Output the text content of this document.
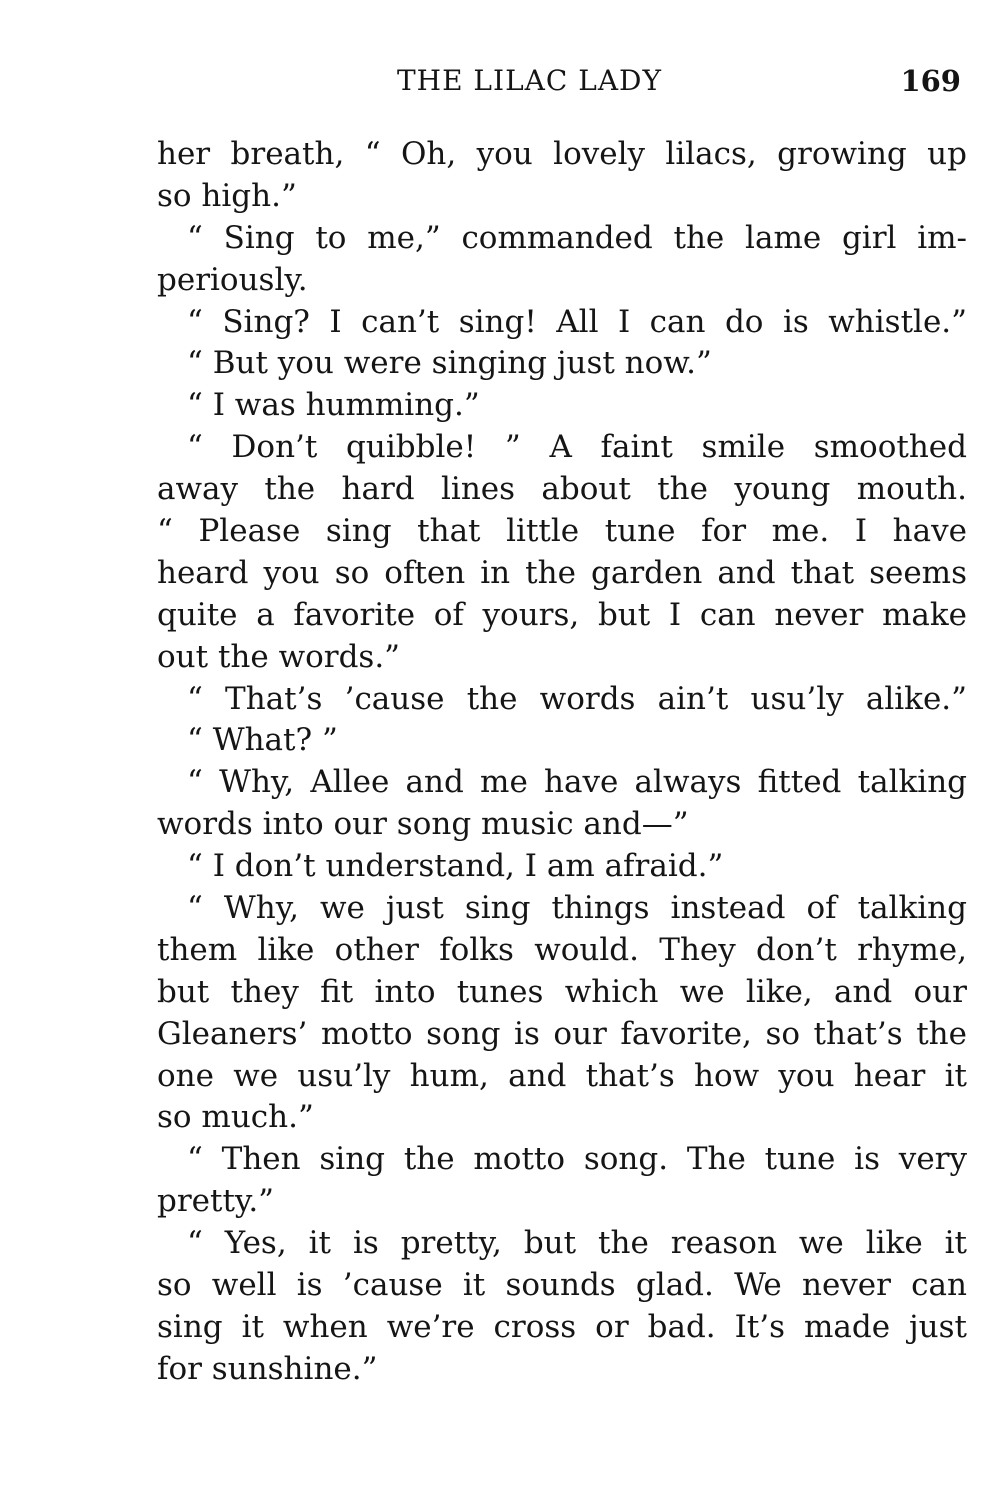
THE LILAC LADY	169
her breath, “ Oh, you lovely lilacs, growing up
so high.”
“ Sing to me,” commanded the lame girl im-
periously.
“ Sing? I can’t sing! All I can do is whistle.”
“ But you were singing just now.”
“ I was humming.”
“ Don’t quibble! ” A faint smile smoothed
away the hard lines about the young mouth.
“ Please sing that little tune for me. I have
heard you so often in the garden and that seems
quite a favorite of yours, but I can never make
out the words.”
“ That’s ’cause the words ain’t usu’ly alike.”
“ What? ”
“ Why, Allee and me have always fitted talking
words into our song music and—”
“ I don’t understand, I am afraid.”
“ Why, we just sing things instead of talking
them like other folks would. They don’t rhyme,
but they fit into tunes which we like, and our
Gleaners’ motto song is our favorite, so that’s the
one we usu’ly hum, and that’s how you hear it
so much.”
“ Then sing the motto song. The tune is very
pretty.”
“ Yes, it is pretty, but the reason we like it
so well is ’cause it sounds glad. We never can
sing it when we’re cross or bad. It’s made just
for sunshine.”
